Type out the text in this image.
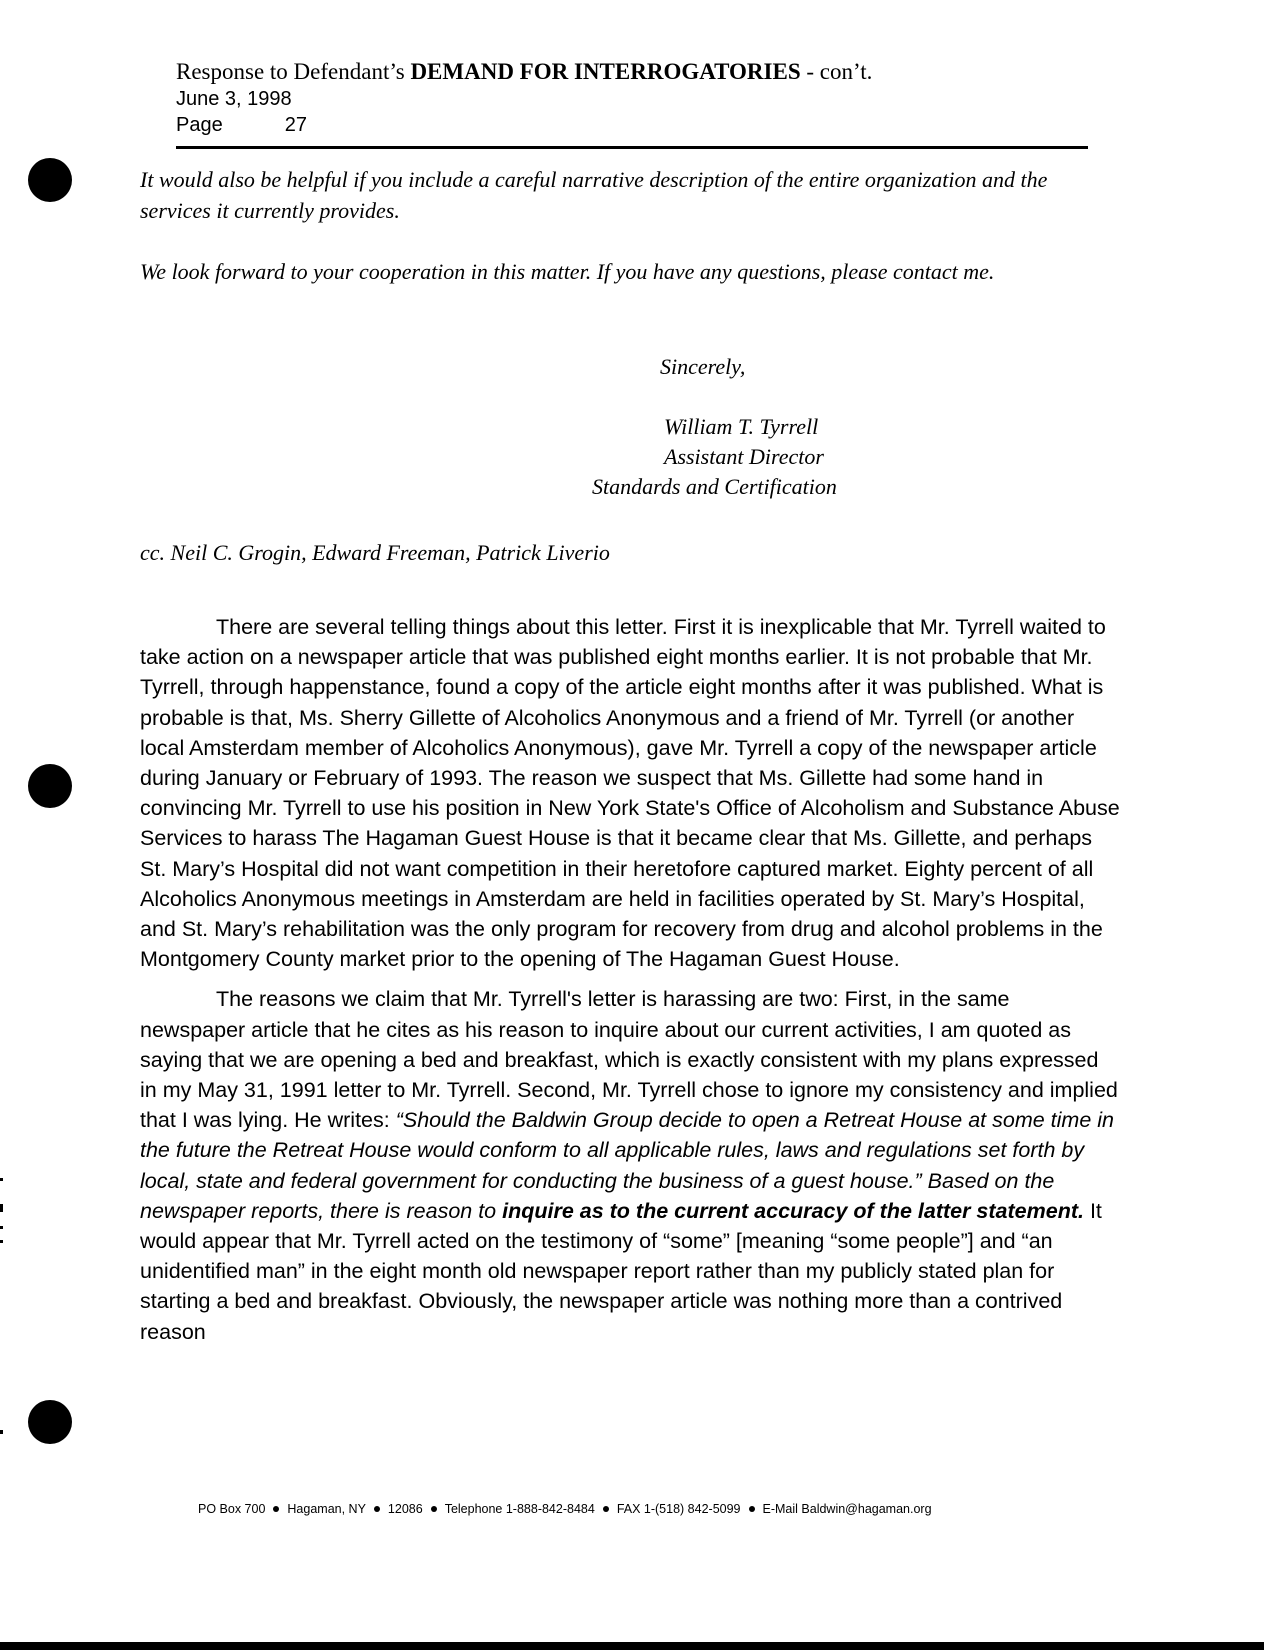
Response to Defendant’s DEMAND FOR INTERROGATORIES - con’t.
June 3, 1998
Page	27

It would also be helpful if you include a careful narrative description of the entire organization and the services it currently provides.

We look forward to your cooperation in this matter. If you have any questions, please contact me.

Sincerely,
William T. Tyrrell
Assistant Director
Standards and Certification
cc. Neil C. Grogin, Edward Freeman, Patrick Liverio

There are several telling things about this letter. First it is inexplicable that Mr. Tyrrell waited to take action on a newspaper article that was published eight months earlier. It is not probable that Mr. Tyrrell, through happenstance, found a copy of the article eight months after it was published. What is probable is that, Ms. Sherry Gillette of Alcoholics Anonymous and a friend of Mr. Tyrrell (or another local Amsterdam member of Alcoholics Anonymous), gave Mr. Tyrrell a copy of the newspaper article during January or February of 1993. The reason we suspect that Ms. Gillette had some hand in convincing Mr. Tyrrell to use his position in New York State's Office of Alcoholism and Substance Abuse Services to harass The Hagaman Guest House is that it became clear that Ms. Gillette, and perhaps St. Mary’s Hospital did not want competition in their heretofore captured market. Eighty percent of all Alcoholics Anonymous meetings in Amsterdam are held in facilities operated by St. Mary’s Hospital, and St. Mary’s rehabilitation was the only program for recovery from drug and alcohol problems in the Montgomery County market prior to the opening of The Hagaman Guest House.

The reasons we claim that Mr. Tyrrell's letter is harassing are two: First, in the same newspaper article that he cites as his reason to inquire about our current activities, I am quoted as saying that we are opening a bed and breakfast, which is exactly consistent with my plans expressed in my May 31, 1991 letter to Mr. Tyrrell. Second, Mr. Tyrrell chose to ignore my consistency and implied that I was lying. He writes: “Should the Baldwin Group decide to open a Retreat House at some time in the future the Retreat House would conform to all applicable rules, laws and regulations set forth by local, state and federal government for conducting the business of a guest house.” Based on the newspaper reports, there is reason to inquire as to the current accuracy of the latter statement. It would appear that Mr. Tyrrell acted on the testimony of “some” [meaning “some people”] and “an unidentified man” in the eight month old newspaper report rather than my publicly stated plan for starting a bed and breakfast. Obviously, the newspaper article was nothing more than a contrived reason

PO Box 700 Hagaman, NY 12086 Telephone 1-888-842-8484 FAX 1-(518) 842-5099 E-Mail Baldwin@hagaman.org
